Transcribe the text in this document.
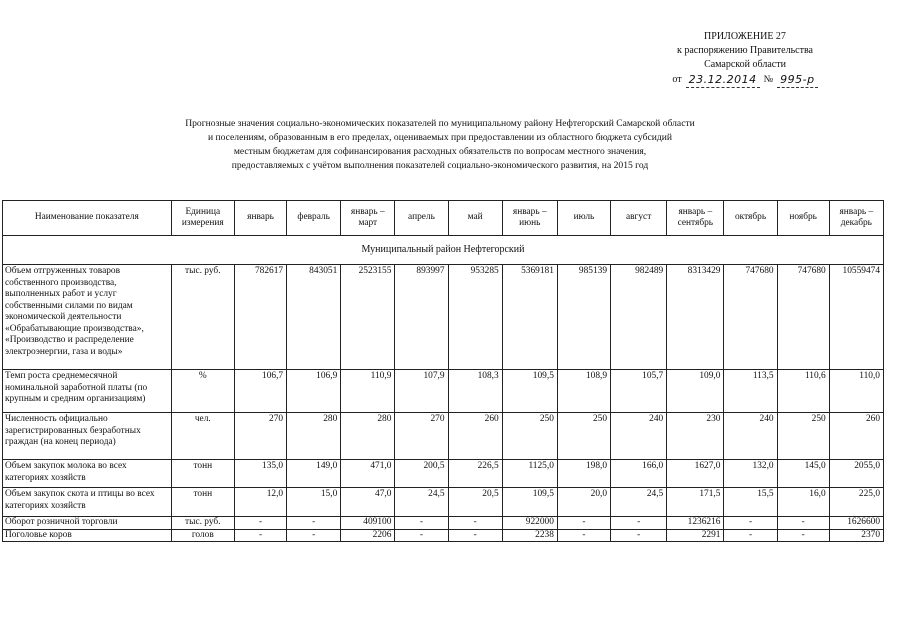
ПРИЛОЖЕНИЕ 27
к распоряжению Правительства
Самарской области
от 23.12.2014 № 995-р
Прогнозные значения социально-экономических показателей по муниципальному району Нефтегорский Самарской области
и поселениям, образованным в его пределах, оцениваемых при предоставлении из областного бюджета субсидий
местным бюджетам для софинансирования расходных обязательств по вопросам местного значения,
предоставляемых с учётом выполнения показателей социально-экономического развития, на 2015 год
Наименование показателя	Единица измерения	январь	февраль	январь – март	апрель	май	январь – июнь	июль	август	январь – сентябрь	октябрь	ноябрь	январь – декабрь
Муниципальный район Нефтегорский													
Объем отгруженных товаров собственного производства, выполненных работ и услуг собственными силами по видам экономической деятельности «Обрабатывающие производства», «Производство и распределение электроэнергии, газа и воды»	тыс. руб.	782617	843051	2523155	893997	953285	5369181	985139	982489	8313429	747680	747680	10559474
Темп роста среднемесячной номинальной заработной платы (по крупным и средним организациям)	%	106,7	106,9	110,9	107,9	108,3	109,5	108,9	105,7	109,0	113,5	110,6	110,0
Численность официально зарегистрированных безработных граждан (на конец периода)	чел.	270	280	280	270	260	250	250	240	230	240	250	260
Объем закупок молока во всех категориях хозяйств	тонн	135,0	149,0	471,0	200,5	226,5	1125,0	198,0	166,0	1627,0	132,0	145,0	2055,0
Объем закупок скота и птицы во всех категориях хозяйств	тонн	12,0	15,0	47,0	24,5	20,5	109,5	20,0	24,5	171,5	15,5	16,0	225,0
Оборот розничной торговли	тыс. руб.	-	-	409100	-	-	922000	-	-	1236216	-	-	1626600
Поголовье коров	голов	-	-	2206	-	-	2238	-	-	2291	-	-	2370
